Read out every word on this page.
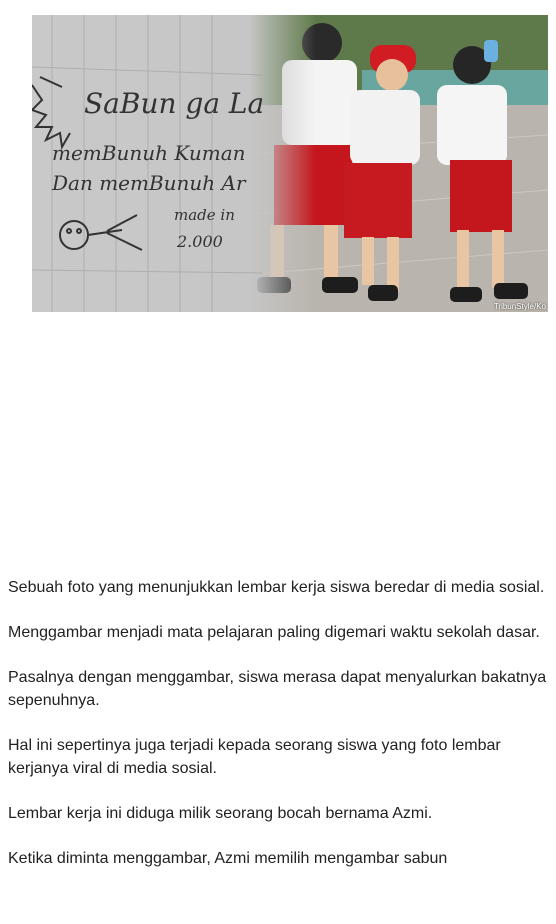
SaBun ga La
memBunuh Kuman
Dan memBunuh Ar
made in
2.000
TribunStyle/Ko

Sebuah foto yang menunjukkan lembar kerja siswa beredar di media sosial.

Menggambar menjadi mata pelajaran paling digemari waktu sekolah dasar.

Pasalnya dengan menggambar, siswa merasa dapat menyalurkan bakatnya sepenuhnya.

Hal ini sepertinya juga terjadi kepada seorang siswa yang foto lembar kerjanya viral di media sosial.

Lembar kerja ini diduga milik seorang bocah bernama Azmi.

Ketika diminta menggambar, Azmi memilih mengambar sabun
